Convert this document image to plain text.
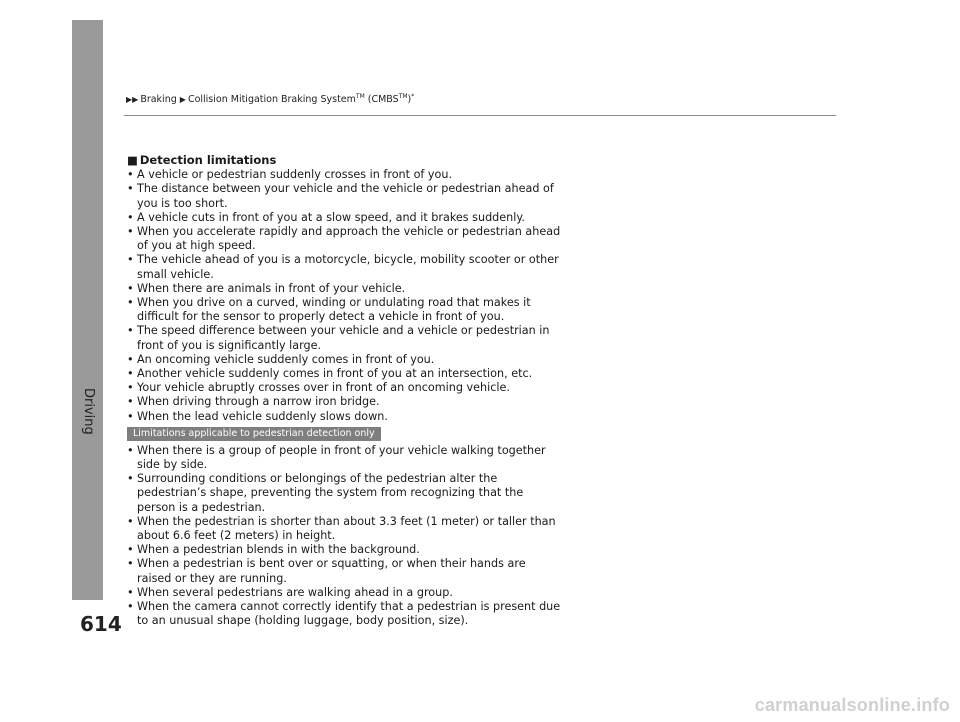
Driving
614
▶▶ Braking ▶ Collision Mitigation Braking System™ (CMBS™)*
■ Detection limitations
• A vehicle or pedestrian suddenly crosses in front of you.
• The distance between your vehicle and the vehicle or pedestrian ahead of you is too short.
• A vehicle cuts in front of you at a slow speed, and it brakes suddenly.
• When you accelerate rapidly and approach the vehicle or pedestrian ahead of you at high speed.
• The vehicle ahead of you is a motorcycle, bicycle, mobility scooter or other small vehicle.
• When there are animals in front of your vehicle.
• When you drive on a curved, winding or undulating road that makes it difficult for the sensor to properly detect a vehicle in front of you.
• The speed difference between your vehicle and a vehicle or pedestrian in front of you is significantly large.
• An oncoming vehicle suddenly comes in front of you.
• Another vehicle suddenly comes in front of you at an intersection, etc.
• Your vehicle abruptly crosses over in front of an oncoming vehicle.
• When driving through a narrow iron bridge.
• When the lead vehicle suddenly slows down.
Limitations applicable to pedestrian detection only
• When there is a group of people in front of your vehicle walking together side by side.
• Surrounding conditions or belongings of the pedestrian alter the pedestrian’s shape, preventing the system from recognizing that the person is a pedestrian.
• When the pedestrian is shorter than about 3.3 feet (1 meter) or taller than about 6.6 feet (2 meters) in height.
• When a pedestrian blends in with the background.
• When a pedestrian is bent over or squatting, or when their hands are raised or they are running.
• When several pedestrians are walking ahead in a group.
• When the camera cannot correctly identify that a pedestrian is present due to an unusual shape (holding luggage, body position, size).
carmanualsonline.info
